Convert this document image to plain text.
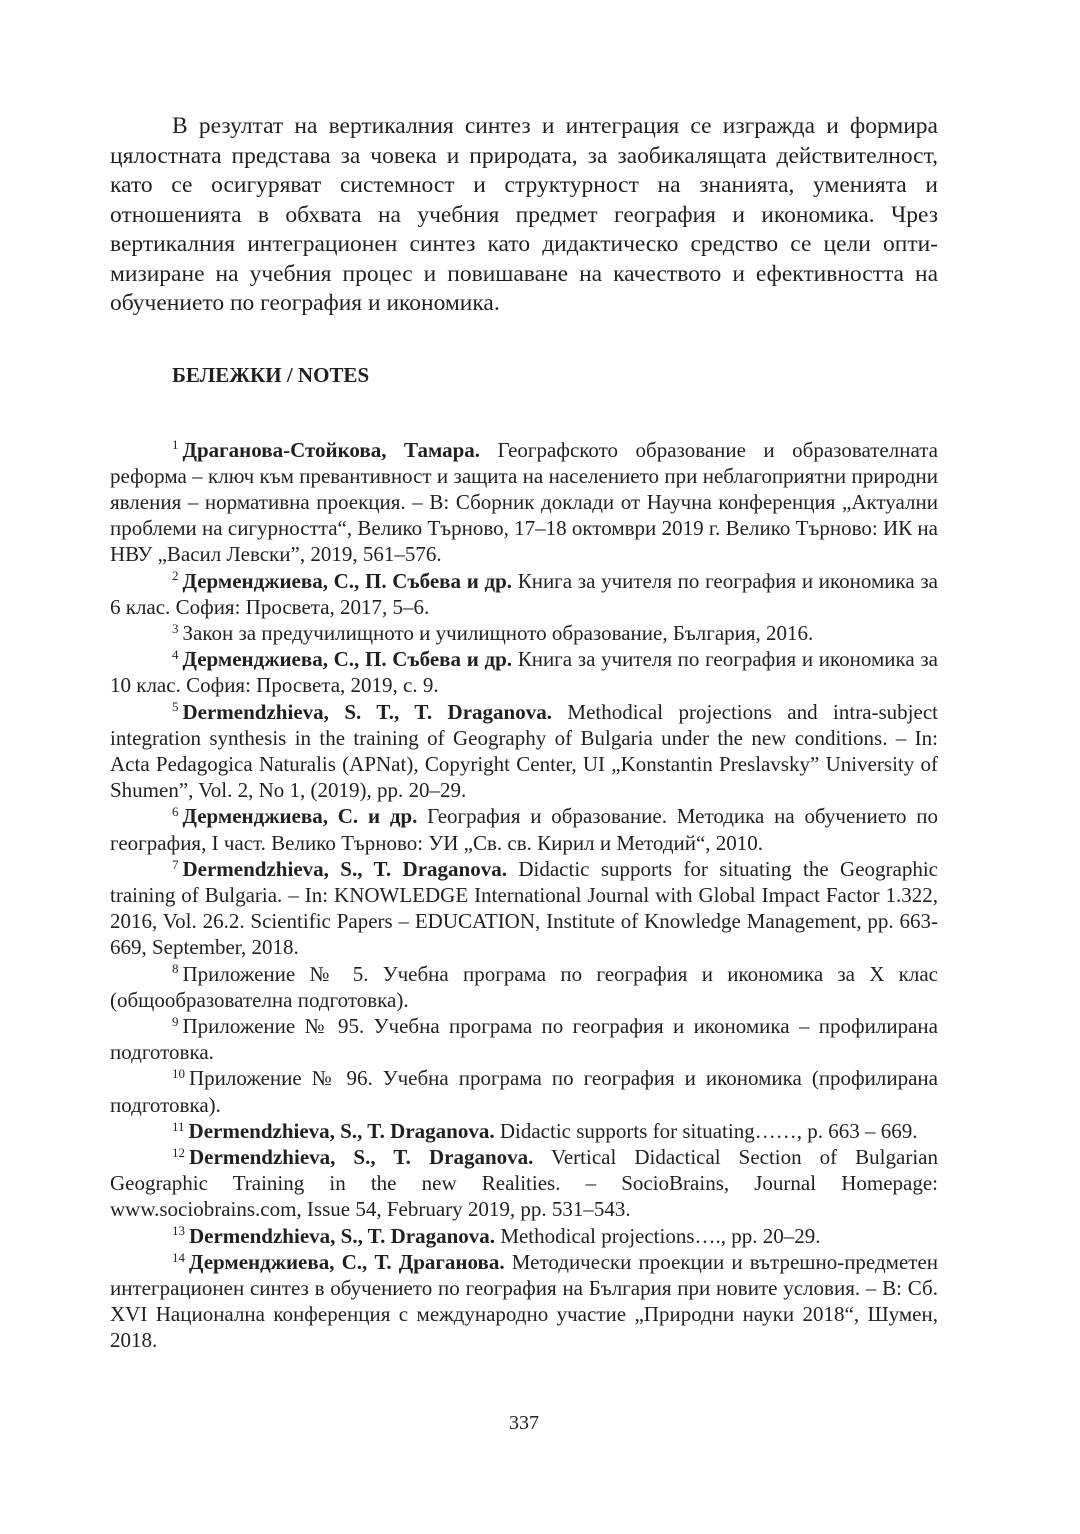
В резултат на вертикалния синтез и интеграция се изгражда и формира цялостната представа за човека и природата, за заобикалящата действителност, като се осигуряват системност и структурност на знанията, уменията и отношенията в обхвата на учебния предмет география и икономика. Чрез вертикалния интеграционен синтез като дидактическо средство се цели оптимизиране на учебния процес и повишаване на качеството и ефективността на обучението по география и икономика.

БЕЛЕЖКИ / NOTES

$^1$ Драганова-Стойкова, Тамара. Географското образование и образователната реформа – ключ към превантивност и защита на населението при неблагоприятни природни явления – нормативна проекция. – В: Сборник доклади от Научна конференция „Актуални проблеми на сигурността“, Велико Търново, 17–18 октомври 2019 г. Велико Търново: ИК на НВУ „Васил Левски”, 2019, 561–576.

$^2$ Дерменджиева, С., П. Събева и др. Книга за учителя по география и икономика за 6 клас. София: Просвета, 2017, 5–6.

$^3$ Закон за предучилищното и училищното образование, България, 2016.

$^4$ Дерменджиева, С., П. Събева и др. Книга за учителя по география и икономика за 10 клас. София: Просвета, 2019, с. 9.

$^5$ Dermendzhieva, S. T., T. Draganova. Methodical projections and intra-subject integration synthesis in the training of Geography of Bulgaria under the new conditions. – In: Acta Pedagogica Naturalis (APNat), Copyright Center, UI „Konstantin Preslavsky” University of Shumen”, Vol. 2, No 1, (2019), pp. 20–29.

$^6$ Дерменджиева, С. и др. География и образование. Методика на обучението по география, I част. Велико Търново: УИ „Св. св. Кирил и Методий“, 2010.

$^7$ Dermendzhieva, S., T. Draganova. Didactic supports for situating the Geographic training of Bulgaria. – In: KNOWLEDGE International Journal with Global Impact Factor 1.322, 2016, Vol. 26.2. Scientific Papers – EDUCATION, Institute of Knowledge Management, pp. 663-669, September, 2018.

$^8$ Приложение № 5. Учебна програма по география и икономика за X клас (общообразователна подготовка).

$^9$ Приложение № 95. Учебна програма по география и икономика – профилирана подготовка.

$^{10}$ Приложение № 96. Учебна програма по география и икономика (профилирана подготовка).

$^{11}$ Dermendzhieva, S., T. Draganova. Didactic supports for situating……, p. 663 – 669.

$^{12}$ Dermendzhieva, S., T. Draganova. Vertical Didactical Section of Bulgarian Geographic Training in the new Realities. – SocioBrains, Journal Homepage: www.sociobrains.com, Issue 54, February 2019, pp. 531–543.

$^{13}$ Dermendzhieva, S., T. Draganova. Methodical projections…., pp. 20–29.

$^{14}$ Дерменджиева, С., Т. Драганова. Методически проекции и вътрешно-предметен интеграционен синтез в обучението по география на България при новите условия. – В: Сб. XVI Национална конференция с международно участие „Природни науки 2018“, Шумен, 2018.

337
